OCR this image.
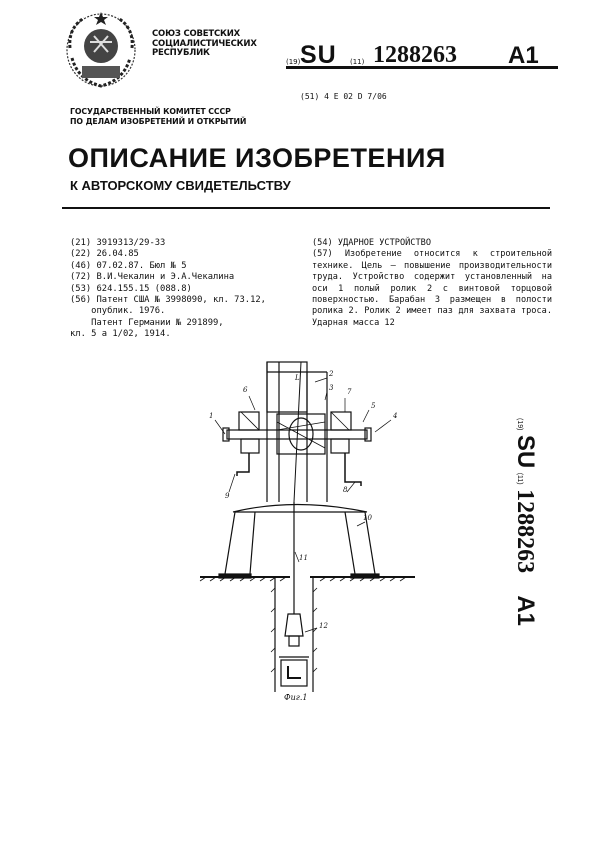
СОЮЗ СОВЕТСКИХ
СОЦИАЛИСТИЧЕСКИХ
РЕСПУБЛИК
(19) SU (11) 1288263 A1
(51) 4 E 02 D 7/06
ГОСУДАРСТВЕННЫЙ КОМИТЕТ СССР
ПО ДЕЛАМ ИЗОБРЕТЕНИЙ И ОТКРЫТИЙ
ОПИСАНИЕ ИЗОБРЕТЕНИЯ
К АВТОРСКОМУ СВИДЕТЕЛЬСТВУ
(21) 3919313/29-33
(22) 26.04.85
(46) 07.02.87. Бюл № 5
(72) В.И.Чекалин и Э.А.Чекалина
(53) 624.155.15 (088.8)
(56) Патент США № 3998090, кл. 73.12,
опублик. 1976.
Патент Германии № 291899,
кл. 5 а 1/02, 1914.
(54) УДАРНОЕ УСТРОЙСТВО
(57) Изобретение относится к строительной технике. Цель – повышение производительности труда. Устройство содержит установленный на оси 1 полый ролик 2 с винтовой торцовой поверхностью. Барабан 3 размещен в полости ролика 2. Ролик 2 имеет паз для захвата троса. Ударная масса 12
(19) SU (11) 1288263     A1
1
2
3
4
5
6	7
8
9
10
11
12
L
Фиг.1
